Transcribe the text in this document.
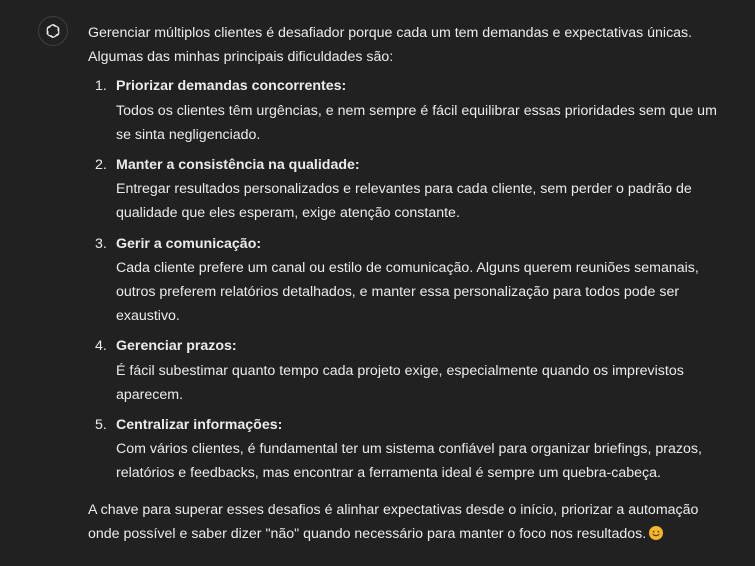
Gerenciar múltiplos clientes é desafiador porque cada um tem demandas e expectativas únicas. Algumas das minhas principais dificuldades são:

1. Priorizar demandas concorrentes:
Todos os clientes têm urgências, e nem sempre é fácil equilibrar essas prioridades sem que um se sinta negligenciado.
2. Manter a consistência na qualidade:
Entregar resultados personalizados e relevantes para cada cliente, sem perder o padrão de qualidade que eles esperam, exige atenção constante.
3. Gerir a comunicação:
Cada cliente prefere um canal ou estilo de comunicação. Alguns querem reuniões semanais, outros preferem relatórios detalhados, e manter essa personalização para todos pode ser exaustivo.
4. Gerenciar prazos:
É fácil subestimar quanto tempo cada projeto exige, especialmente quando os imprevistos aparecem.
5. Centralizar informações:
Com vários clientes, é fundamental ter um sistema confiável para organizar briefings, prazos, relatórios e feedbacks, mas encontrar a ferramenta ideal é sempre um quebra-cabeça.

A chave para superar esses desafios é alinhar expectativas desde o início, priorizar a automação onde possível e saber dizer "não" quando necessário para manter o foco nos resultados.
